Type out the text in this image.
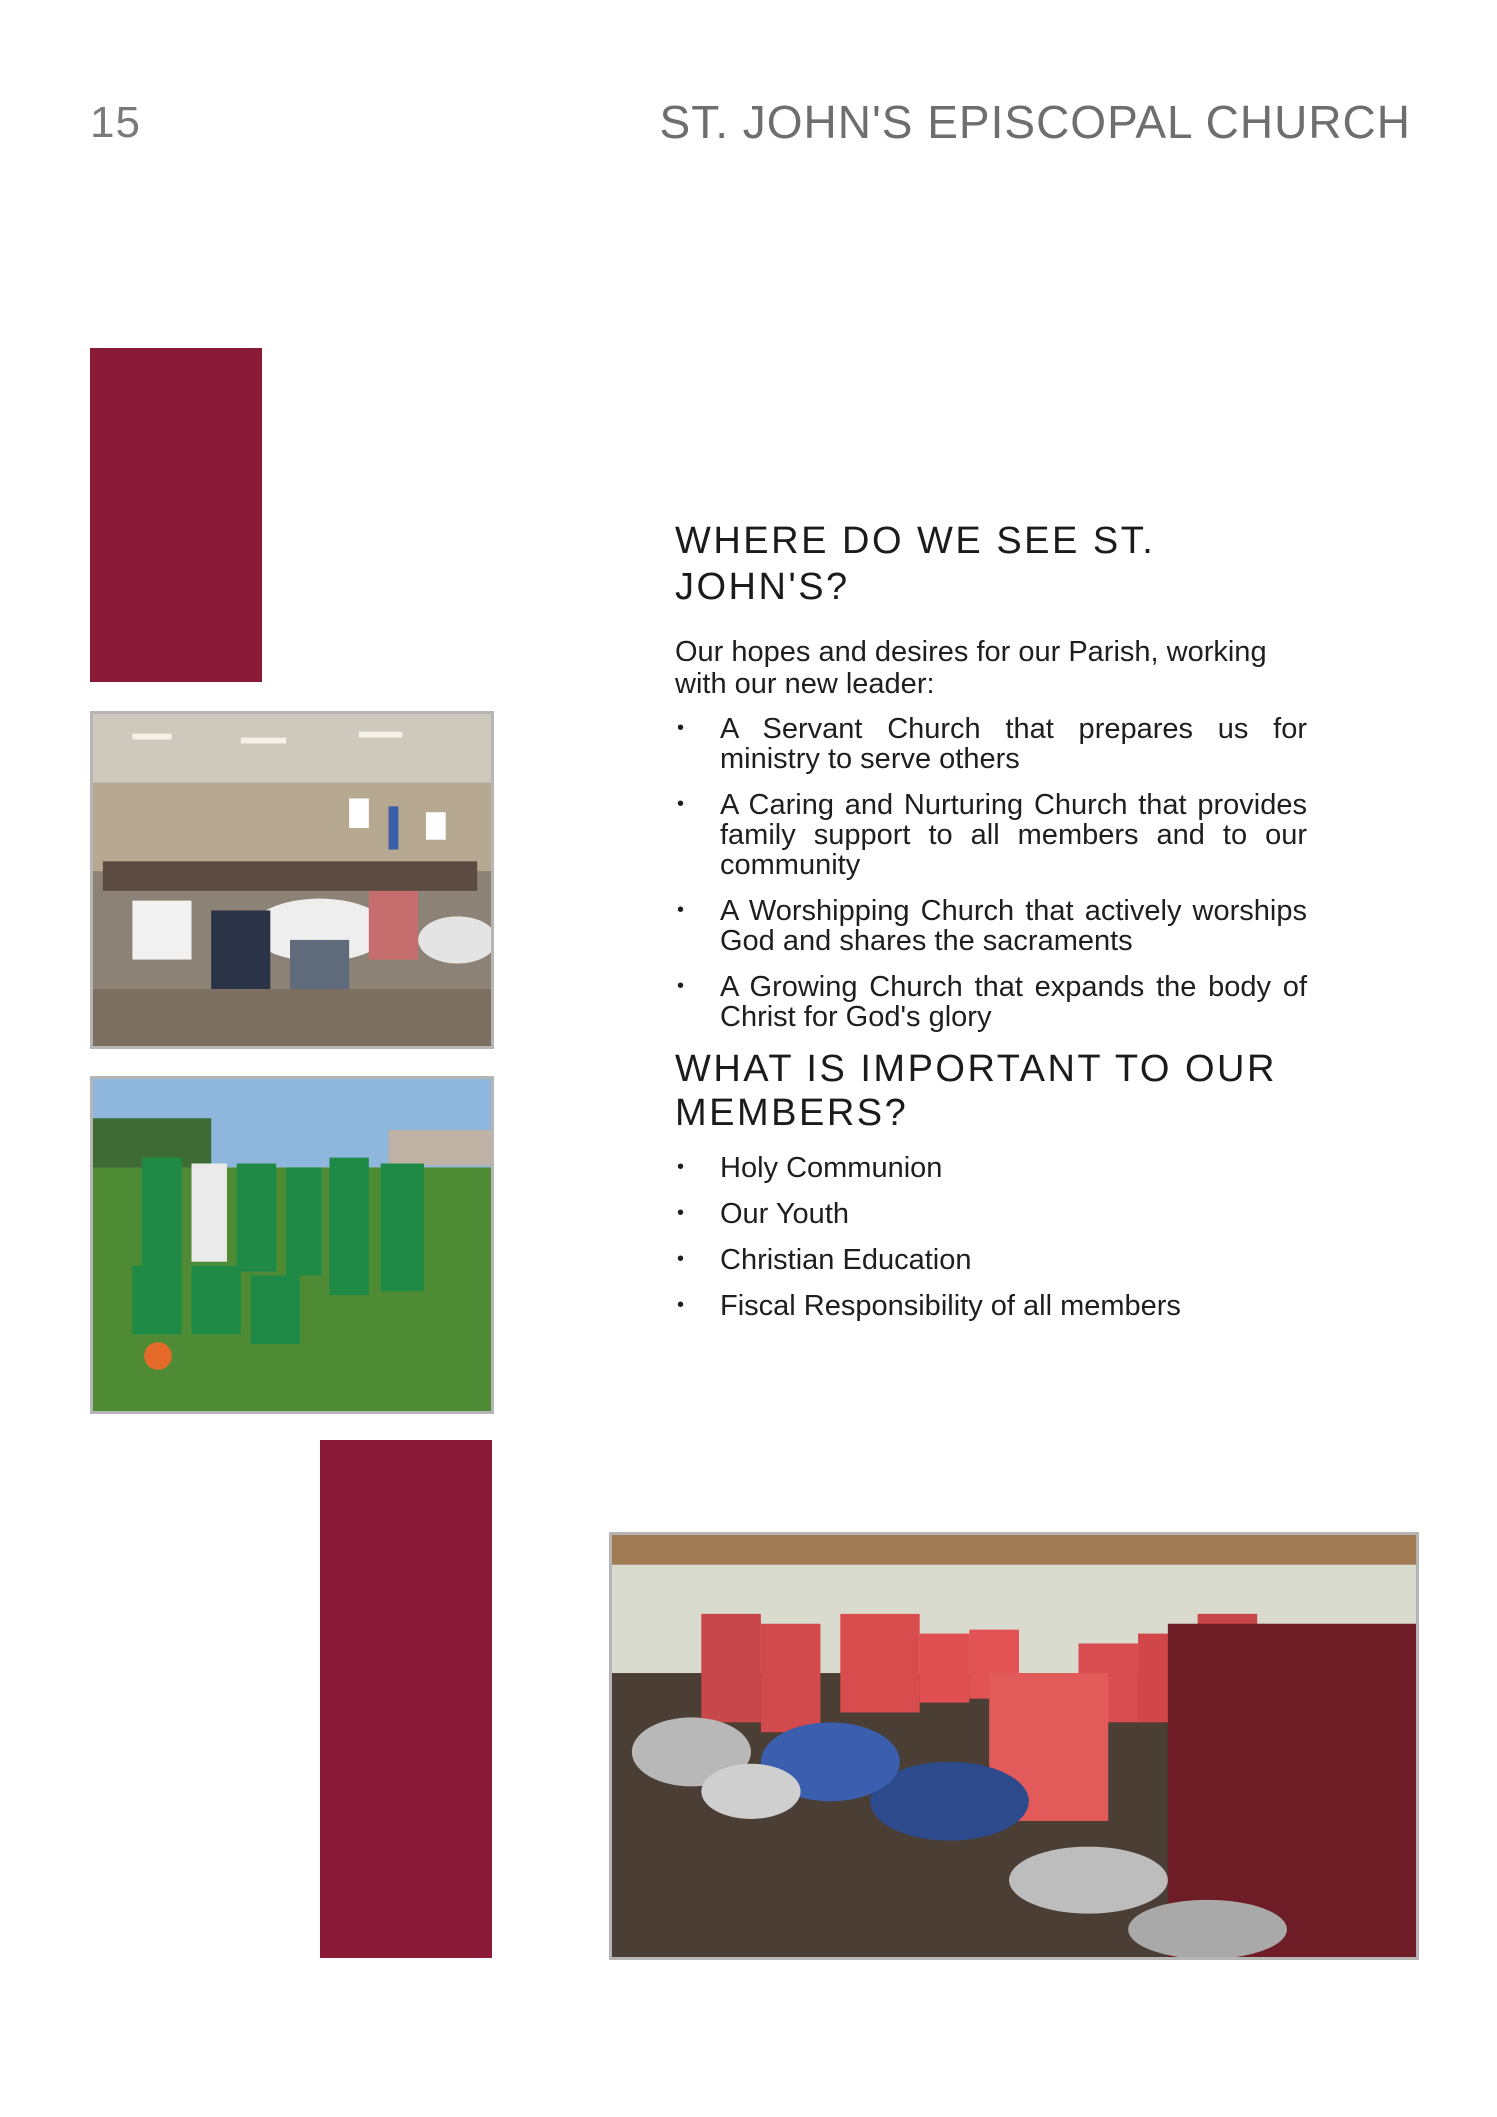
15	ST. JOHN'S EPISCOPAL CHURCH
WHERE DO WE SEE ST. JOHN'S?

Our hopes and desires for our Parish, working with our new leader:

• A Servant Church that prepares us for ministry to serve others
• A Caring and Nurturing Church that provides family support to all members and to our community
• A Worshipping Church that actively worships God and shares the sacraments
• A Growing Church that expands the body of Christ for God's glory
WHAT IS IMPORTANT TO OUR MEMBERS?
• Holy Communion
• Our Youth
• Christian Education
• Fiscal Responsibility of all members
